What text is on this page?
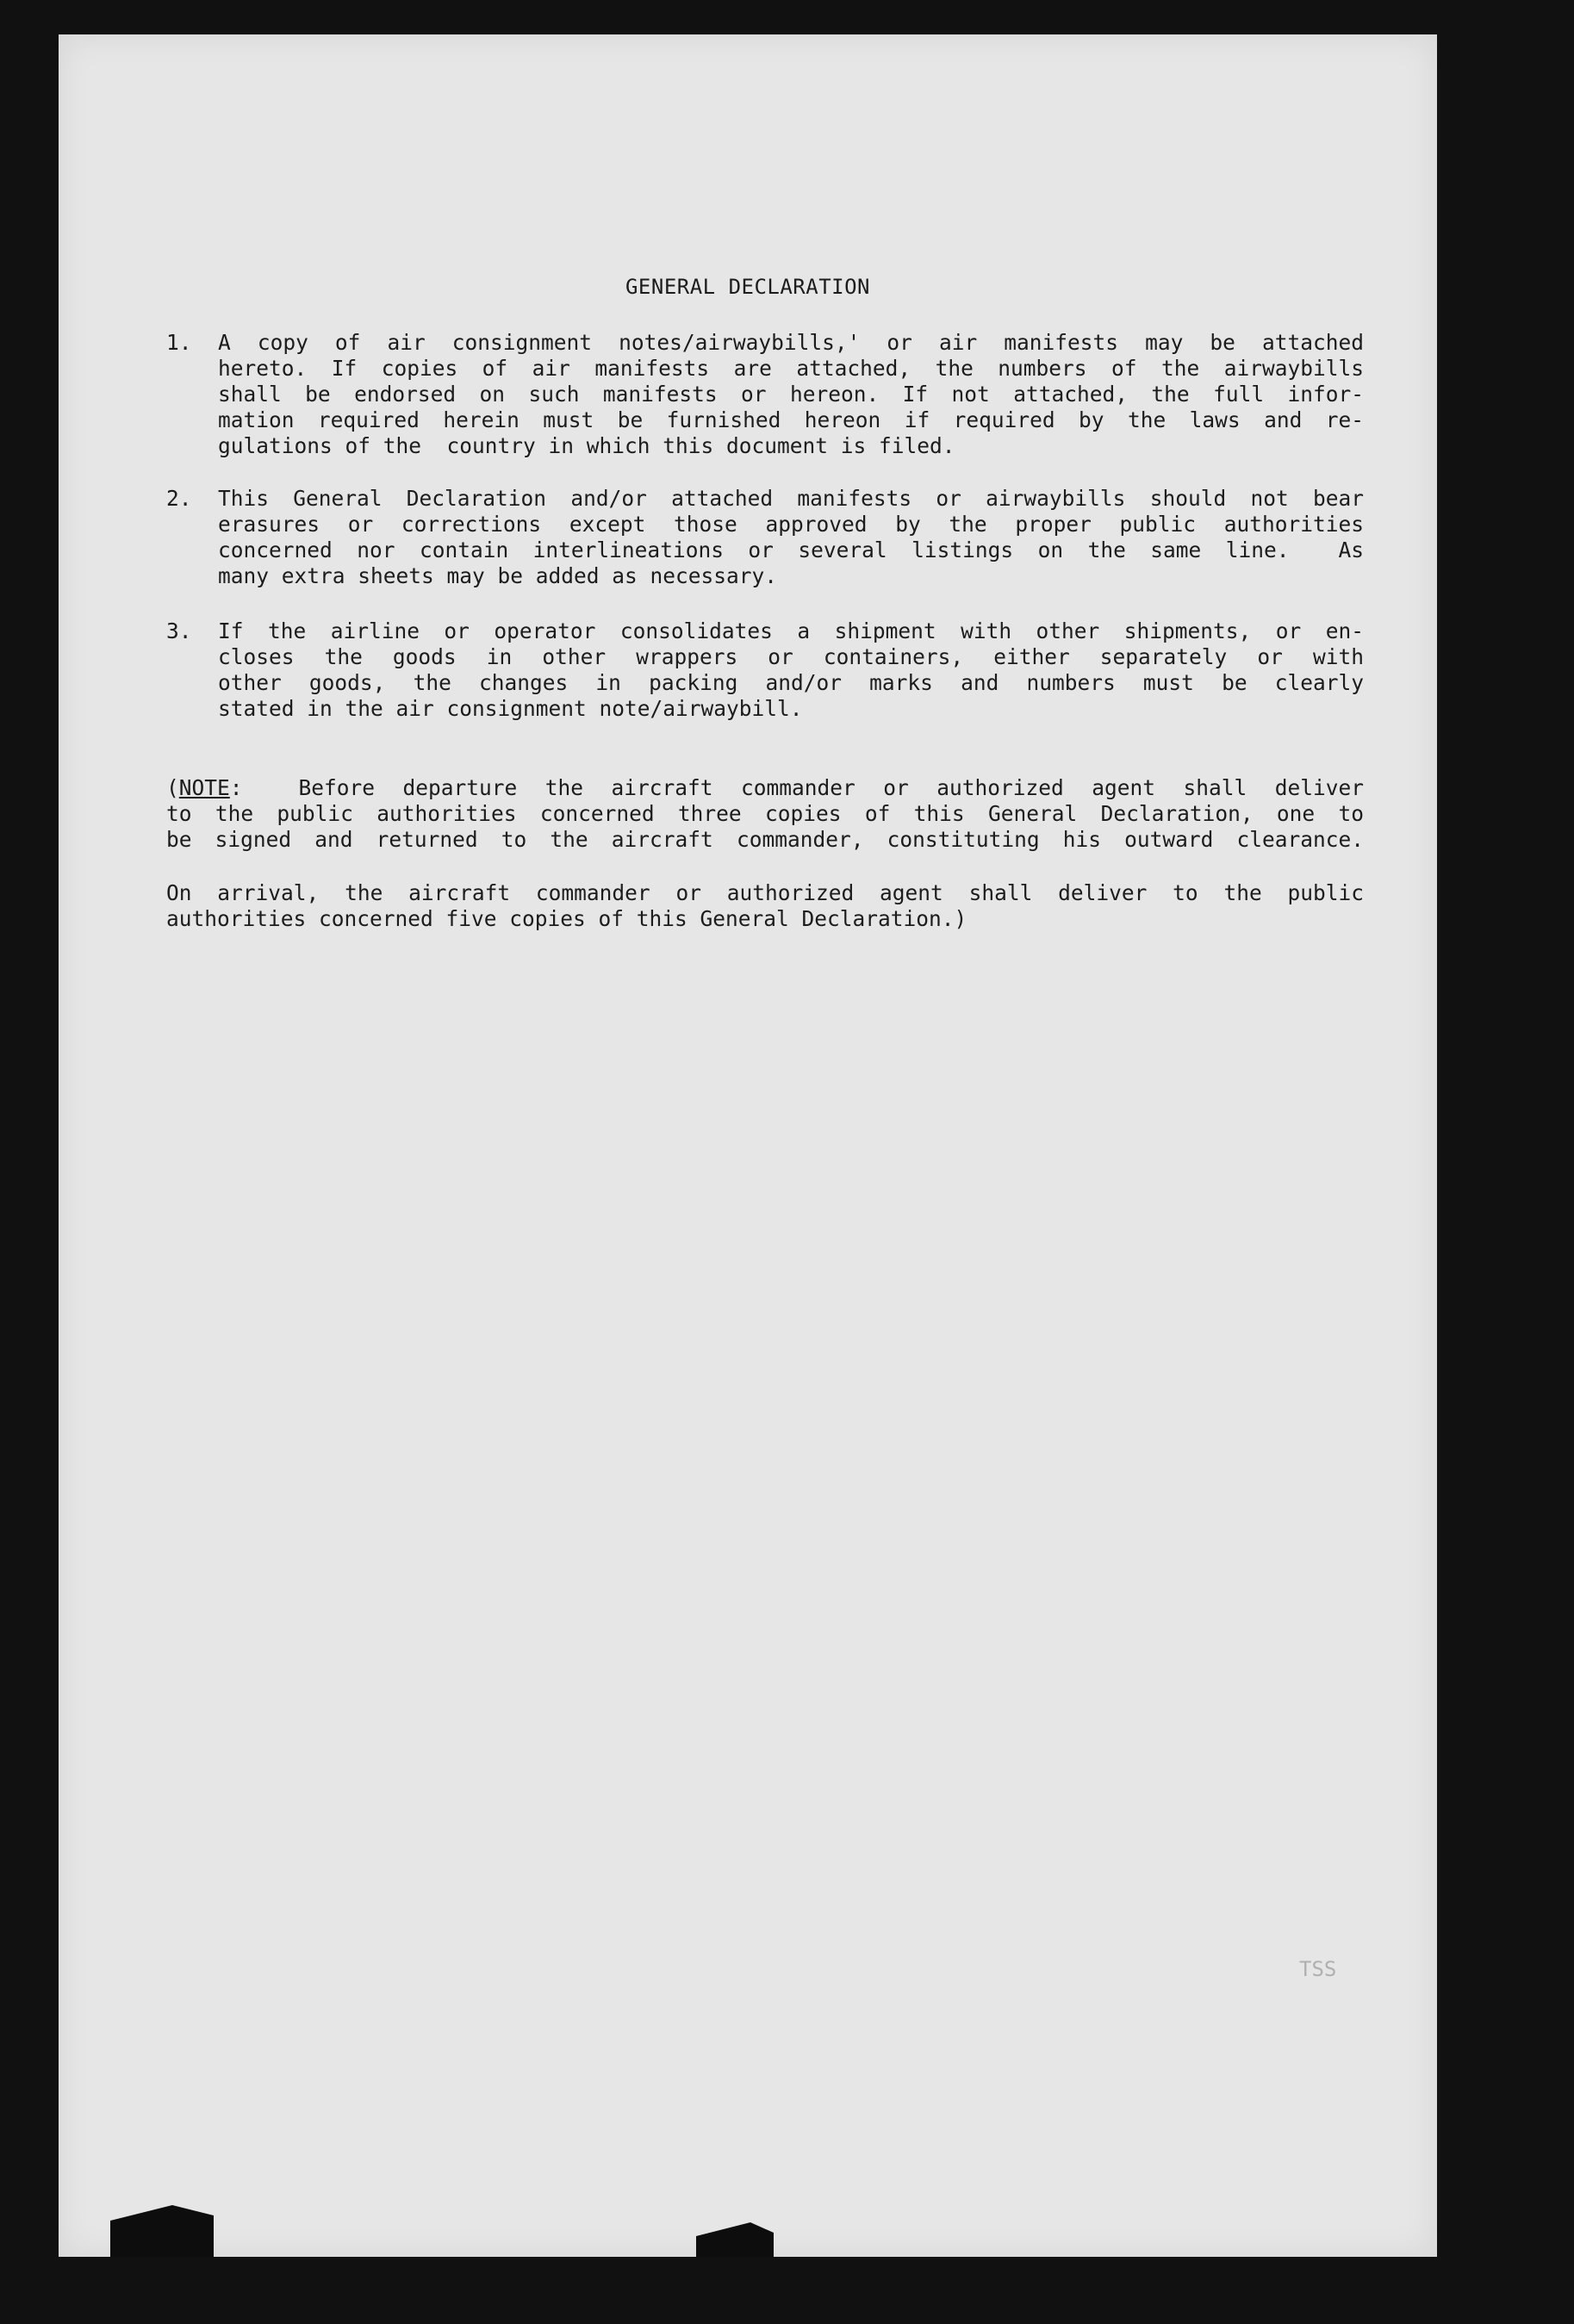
GENERAL DECLARATION
1.	A copy of air consignment notes/airwaybills,' or air manifests may be attached
hereto. If copies of air manifests are attached, the numbers of the airwaybills
shall be endorsed on such manifests or hereon. If not attached, the full infor-
mation required herein must be furnished hereon if required by the laws and re-
gulations of the  country in which this document is filed.
2.	This General Declaration and/or attached manifests or airwaybills should not bear
erasures or corrections except those approved by the proper public authorities
concerned nor contain interlineations or several listings on the same line.  As
many extra sheets may be added as necessary.
3.	If the airline or operator consolidates a shipment with other shipments, or en-
closes the goods in other wrappers or containers, either separately or with
other goods, the changes in packing and/or marks and numbers must be clearly
stated in the air consignment note/airwaybill.
(NOTE:  Before departure the aircraft commander or authorized agent shall deliver
to the public authorities concerned three copies of this General Declaration, one to
be signed and returned to the aircraft commander, constituting his outward clearance.
On arrival, the aircraft commander or authorized agent shall deliver to the public
authorities concerned five copies of this General Declaration.)
TSS
